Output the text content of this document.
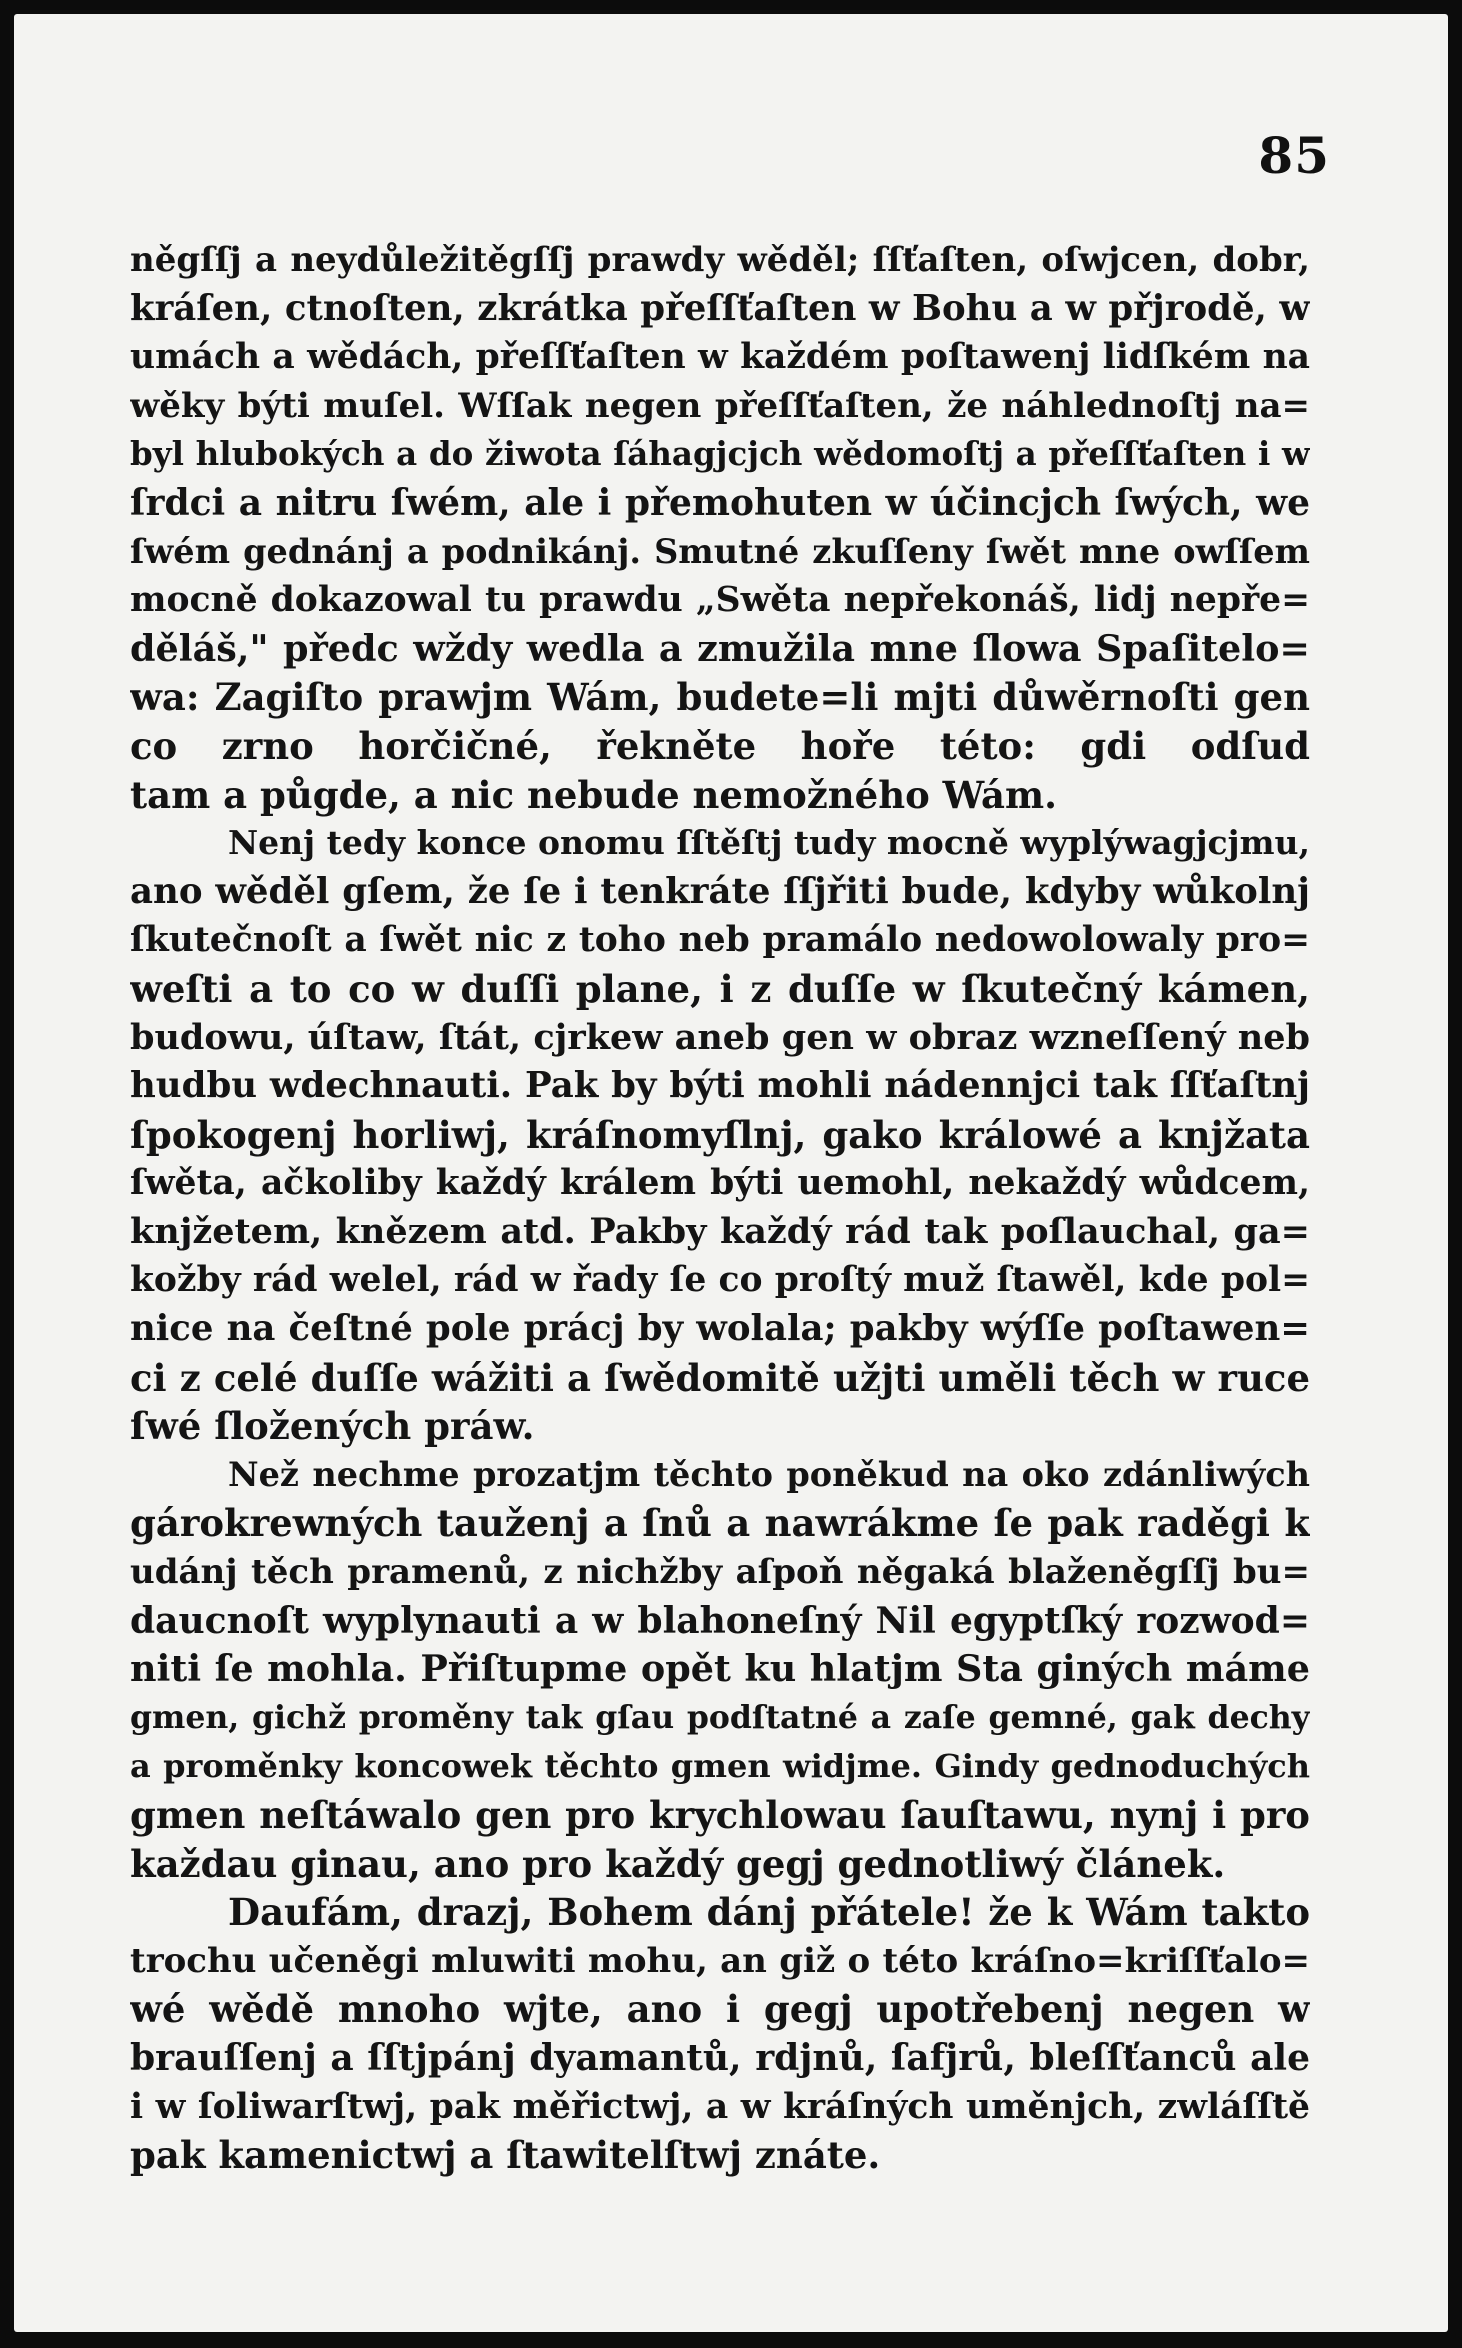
85
něgſſj a neydůležitěgſſj prawdy wěděl; ſſťaſten, oſwjcen, dobr,
kráſen, ctnoſten, zkrátka přeſſťaſten w Bohu a w přjrodě, w
umách a wědách, přeſſťaſten w každém poſtawenj lidſkém na
wěky býti muſel. Wſſak negen přeſſťaſten, že náhlednoſtj na=
byl hlubokých a do žiwota ſáhagjcjch wědomoſtj a přeſſťaſten i w
ſrdci a nitru ſwém, ale i přemohuten w účincjch ſwých, we
ſwém gednánj a podnikánj. Smutné zkuſſeny ſwět mne owſſem
mocně dokazowal tu prawdu „Swěta nepřekonáš, lidj nepře=
děláš," předc wždy wedla a zmužila mne ſlowa Spaſitelo=
wa: Zagiſto prawjm Wám, budete=li mjti důwěrnoſti gen
co zrno horčičné, řekněte hoře této: gdi odſud
tam a půgde, a nic nebude nemožného Wám.
Nenj tedy konce onomu ſſtěſtj tudy mocně wyplýwagjcjmu,
ano wěděl gſem, že ſe i tenkráte ſſjřiti bude, kdyby wůkolnj
ſkutečnoſt a ſwět nic z toho neb pramálo nedowolowaly pro=
weſti a to co w duſſi plane, i z duſſe w ſkutečný kámen,
budowu, úſtaw, ſtát, cjrkew aneb gen w obraz wzneſſený neb
hudbu wdechnauti. Pak by býti mohli nádennjci tak ſſťaſtnj
ſpokogenj horliwj, kráſnomyſlnj, gako králowé a knjžata
ſwěta, ačkoliby každý králem býti uemohl, nekaždý wůdcem,
knjžetem, knězem atd. Pakby každý rád tak poſlauchal, ga=
kožby rád welel, rád w řady ſe co proſtý muž ſtawěl, kde pol=
nice na čeſtné pole prácj by wolala; pakby wýſſe poſtawen=
ci z celé duſſe wážiti a ſwědomitě užjti uměli těch w ruce
ſwé ſložených práw.
Než nechme prozatjm těchto poněkud na oko zdánliwých
gárokrewných tauženj a ſnů a nawrákme ſe pak raděgi k
udánj těch pramenů, z nichžby aſpoň něgaká blaženěgſſj bu=
daucnoſt wyplynauti a w blahoneſný Nil egyptſký rozwod=
niti ſe mohla. Přiſtupme opět ku hlatjm Sta giných máme
gmen, gichž proměny tak gſau podſtatné a zaſe gemné, gak dechy
a proměnky koncowek těchto gmen widjme. Gindy gednoduchých
gmen neſtáwalo gen pro krychlowau ſauſtawu, nynj i pro
každau ginau, ano pro každý gegj gednotliwý článek.
Daufám, drazj, Bohem dánj přátele! že k Wám takto
trochu učeněgi mluwiti mohu, an giž o této kráſno=kriſſťalo=
wé wědě mnoho wjte, ano i gegj upotřebenj negen w
brauſſenj a ſſtjpánj dyamantů, rdjnů, ſafjrů, bleſſťanců ale
i w ſoliwarſtwj, pak měřictwj, a w kráſných uměnjch, zwláſſtě
pak kamenictwj a ſtawitelſtwj znáte.
